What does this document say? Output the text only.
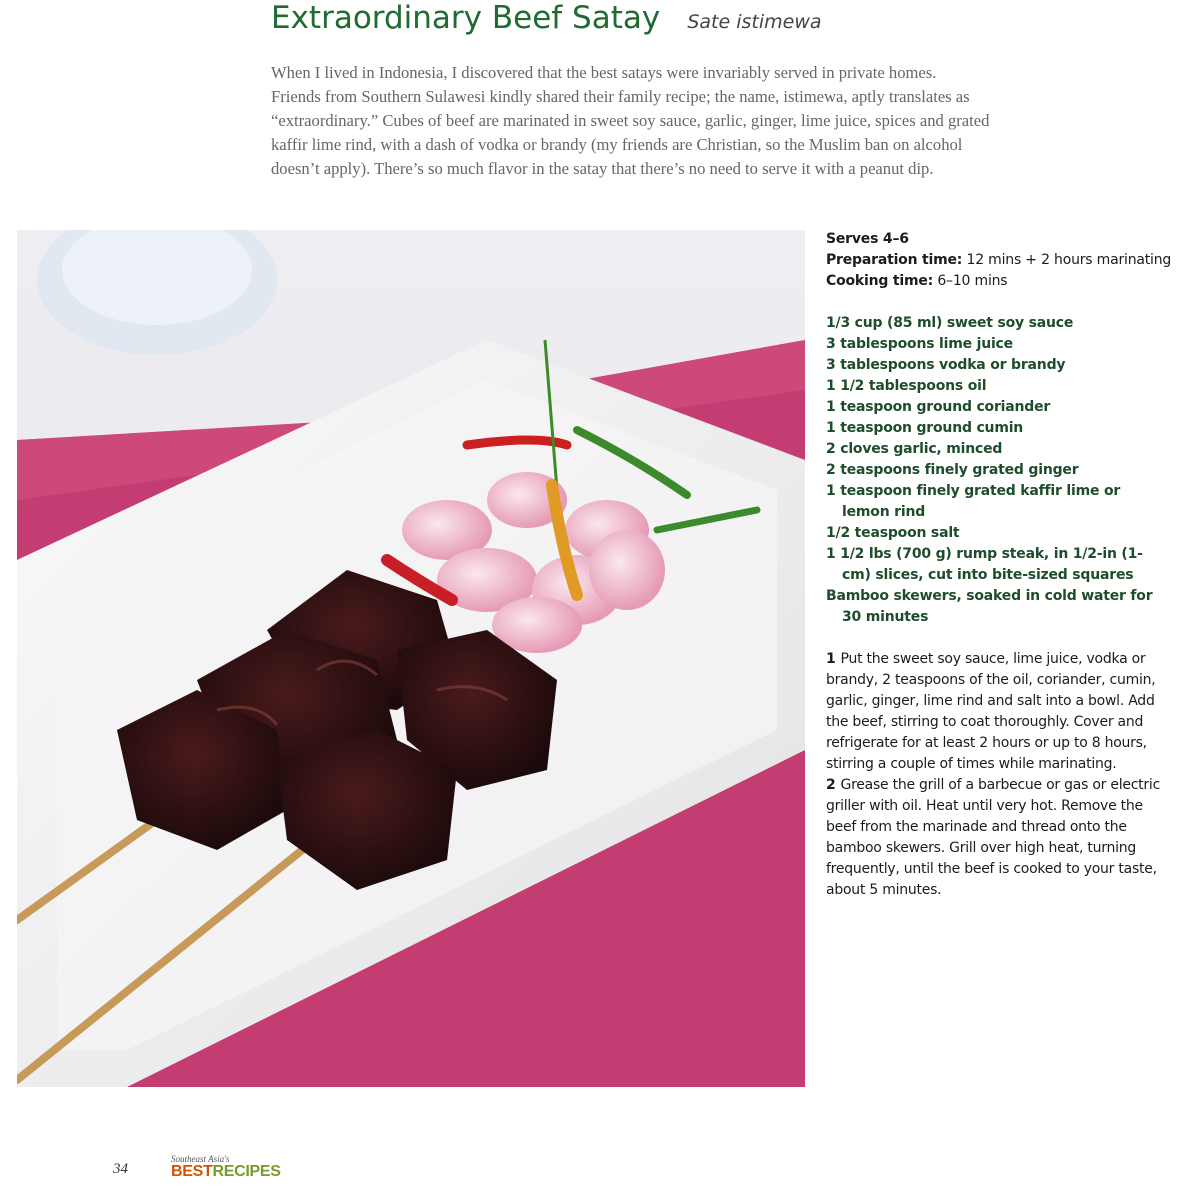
Extraordinary Beef Satay Sate istimewa

When I lived in Indonesia, I discovered that the best satays were invariably served in private homes.

Friends from Southern Sulawesi kindly shared their family recipe; the name, istimewa, aptly translates as

“extraordinary.” Cubes of beef are marinated in sweet soy sauce, garlic, ginger, lime juice, spices and grated

kaffir lime rind, with a dash of vodka or brandy (my friends are Christian, so the Muslim ban on alcohol

doesn’t apply). There’s so much flavor in the satay that there’s no need to serve it with a peanut dip.

Serves 4–6
Preparation time: 12 mins + 2 hours marinating
Cooking time: 6–10 mins
1/3 cup (85 ml) sweet soy sauce
3 tablespoons lime juice
3 tablespoons vodka or brandy
1 1/2 tablespoons oil
1 teaspoon ground coriander
1 teaspoon ground cumin
2 cloves garlic, minced
2 teaspoons finely grated ginger
1 teaspoon finely grated kaffir lime or lemon rind
1/2 teaspoon salt
1 1/2 lbs (700 g) rump steak, in 1/2-in (1-cm) slices, cut into bite-sized squares
Bamboo skewers, soaked in cold water for 30 minutes
1 Put the sweet soy sauce, lime juice, vodka or brandy, 2 teaspoons of the oil, coriander, cumin, garlic, ginger, lime rind and salt into a bowl. Add the beef, stirring to coat thoroughly. Cover and refrigerate for at least 2 hours or up to 8 hours, stirring a couple of times while marinating.
2 Grease the grill of a barbecue or gas or electric griller with oil. Heat until very hot. Remove the beef from the marinade and thread onto the bamboo skewers. Grill over high heat, turning frequently, until the beef is cooked to your taste, about 5 minutes.
34
Southeast Asia's
BESTRECIPES
